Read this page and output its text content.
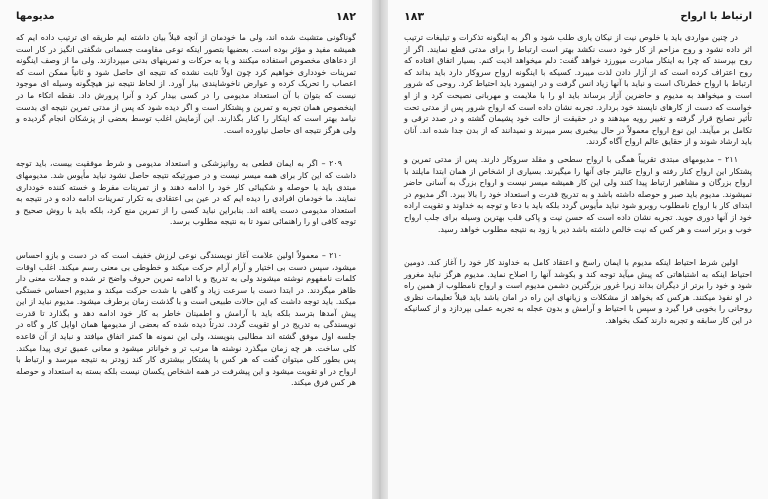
ارتباط با ارواح
۱۸۳

در چنین مواردی باید با خلوص نیت از نیکان یاری طلب شود و اگر به اینگونه تذکرات و تبلیغات ترتیب اثر داده نشود و روح مزاحم از کار خود دست نکشد بهتر است ارتباط را برای مدتی قطع نمایند. اگر از روح بپرسند که چرا به اینکار مبادرت میورزد خواهد گفت: دلم میخواهد اذیت کنم. بسیار اتفاق افتاده که روح اعتراف کرده است که از آزار دادن لذت میبرد. کسیکه با اینگونه ارواح سروکار دارد باید بداند که ارتباط با ارواح خطرناک است و نباید با آنها زیاد انس گرفت و در اینمورد باید احتیاط کرد. روحی که شرور است و میخواهد به مدیوم و حاضرین آزار برساند باید او را با ملایمت و مهربانی نصیحت کرد و از او خواست که دست از کارهای ناپسند خود بردارد. تجربه نشان داده است که ارواح شرور پس از مدتی تحت تأثیر نصایح قرار گرفته و تغییر رویه میدهند و در حقیقت از حالت خود پشیمان گشته و در صدد ترقی و تکامل بر میآیند. این نوع ارواح معمولاً در حال بیخبری بسر میبرند و نمیدانند که از بدن جدا شده اند. آنان باید ارشاد شوند و از حقایق عالم ارواح آگاه گردند.

۲۱۱ – مدیومهای مبتدی تقریباً همگی با ارواح سطحی و مقلد سروکار دارند. پس از مدتی تمرین و پشتکار این ارواح کنار رفته و ارواح عالیتر جای آنها را میگیرند. بسیاری از اشخاص از همان ابتدا مایلند با ارواح بزرگان و مشاهیر ارتباط پیدا کنند ولی این کار همیشه میسر نیست و ارواح بزرگ به آسانی حاضر نمیشوند. مدیوم باید صبر و حوصله داشته باشد و به تدریج قدرت و استعداد خود را بالا ببرد. اگر مدیوم در ابتدای کار با ارواح نامطلوب روبرو شود نباید مأیوس گردد بلکه باید با دعا و توجه به خداوند و تقویت اراده خود از آنها دوری جوید. تجربه نشان داده است که حسن نیت و پاکی قلب بهترین وسیله برای جلب ارواح خوب و برتر است و هر کس که نیت خالص داشته باشد دیر یا زود به نتیجه مطلوب خواهد رسید.

اولین شرط احتیاط اینکه مدیوم با ایمان راسخ و اعتقاد کامل به خداوند کار خود را آغاز کند. دومین احتیاط اینکه به اشتباهاتی که پیش میآید توجه کند و بکوشد آنها را اصلاح نماید. مدیوم هرگز نباید مغرور شود و خود را برتر از دیگران بداند زیرا غرور بزرگترین دشمن مدیوم است و ارواح نامطلوب از همین راه در او نفوذ میکنند. هرکس که بخواهد از مشکلات و زیانهای این راه در امان باشد باید قبلاً تعلیمات نظری روحانی را بخوبی فرا گیرد و سپس با احتیاط و آرامش و بدون عجله به تجربه عملی بپردازد و از کسانیکه در این کار سابقه و تجربه دارند کمک بخواهد.

۱۸۲
مدیومها

گوناگونی متشبث شده اند، ولی ما خودمان از آنچه قبلاً بیان داشته ایم طریقه ای ترتیب داده ایم که همیشه مفید و مؤثر بوده است. بعضیها بتصور اینکه نوعی مقاومت جسمانی شگفتی انگیز در کار است از دعاهای مخصوص استفاده میکنند و یا به حرکات و تمرینهای بدنی میپردازند. ولی ما از وصف اینگونه تمرینات خودداری خواهیم کرد چون اولاً ثابت نشده که نتیجه ای حاصل شود و ثانیاً ممکن است که اعصاب را تحریک کرده و عوارض ناخوشایندی ببار آورد. از لحاظ نتیجه نیز هیچگونه وسیله ای موجود نیست که بتوان با آن استعداد مدیومی را در کسی بیدار کرد و آنرا پرورش داد. نقطه اتکاء ما در اینخصوص همان تجربه و تمرین و پشتکار است و اگر دیده شود که پس از مدتی تمرین نتیجه ای بدست نیامد بهتر است که اینکار را کنار بگذارند. این آزمایش اغلب توسط بعضی از پزشکان انجام گردیده و ولی هرگز نتیجه ای حاصل نیاورده است.

۲۰۹ – اگر به ایمان قطعی به روانپزشکی و استعداد مدیومی و شرط موفقیت بیست، باید توجه داشت که این کار برای همه میسر نیست و در صورتیکه نتیجه حاصل نشود نباید مأیوس شد. مدیومهای مبتدی باید با حوصله و شکیبائی کار خود را ادامه دهند و از تمرینات مفرط و خسته کننده خودداری نمایند. ما خودمان افرادی را دیده ایم که در عین بی اعتقادی به تکرار تمرینات ادامه داده و در نتیجه به استعداد مدیومی دست یافته اند. بنابراین نباید کسی را از تمرین منع کرد، بلکه باید با روش صحیح و توجه کافی او را راهنمائی نمود تا به نتیجه مطلوب برسد.

۲۱۰ – معمولاً اولین علامت آغاز نویسندگی نوعی لرزش خفیف است که در دست و بازو احساس میشود، سپس دست بی اختیار و آرام آرام حرکت میکند و خطوطی بی معنی رسم میکند. اغلب اوقات کلمات نامفهوم نوشته میشوند ولی به تدریج و با ادامه تمرین حروف واضح تر شده و جملات معنی دار ظاهر میگردند. در ابتدا دست با سرعت زیاد و گاهی با شدت حرکت میکند و مدیوم احساس خستگی میکند. باید توجه داشت که این حالات طبیعی است و با گذشت زمان برطرف میشود. مدیوم نباید از این پیش آمدها بترسد بلکه باید با آرامش و اطمینان خاطر به کار خود ادامه دهد و بگذارد تا قدرت نویسندگی به تدریج در او تقویت گردد. ندرتاً دیده شده که بعضی از مدیومها همان اوایل کار و گاه در جلسه اول موفق گشته اند مطالبی بنویسند، ولی این نمونه ها کمتر اتفاق میافتد و نباید از آن قاعده کلی ساخت. هر چه زمان میگذرد نوشته ها مرتب تر و خواناتر میشود و معانی عمیق تری پیدا میکند. پس بطور کلی میتوان گفت که هر کس با پشتکار بیشتری کار کند زودتر به نتیجه میرسد و ارتباط با ارواح در او تقویت میشود و این پیشرفت در همه اشخاص یکسان نیست بلکه بسته به استعداد و حوصله هر کس فرق میکند.
